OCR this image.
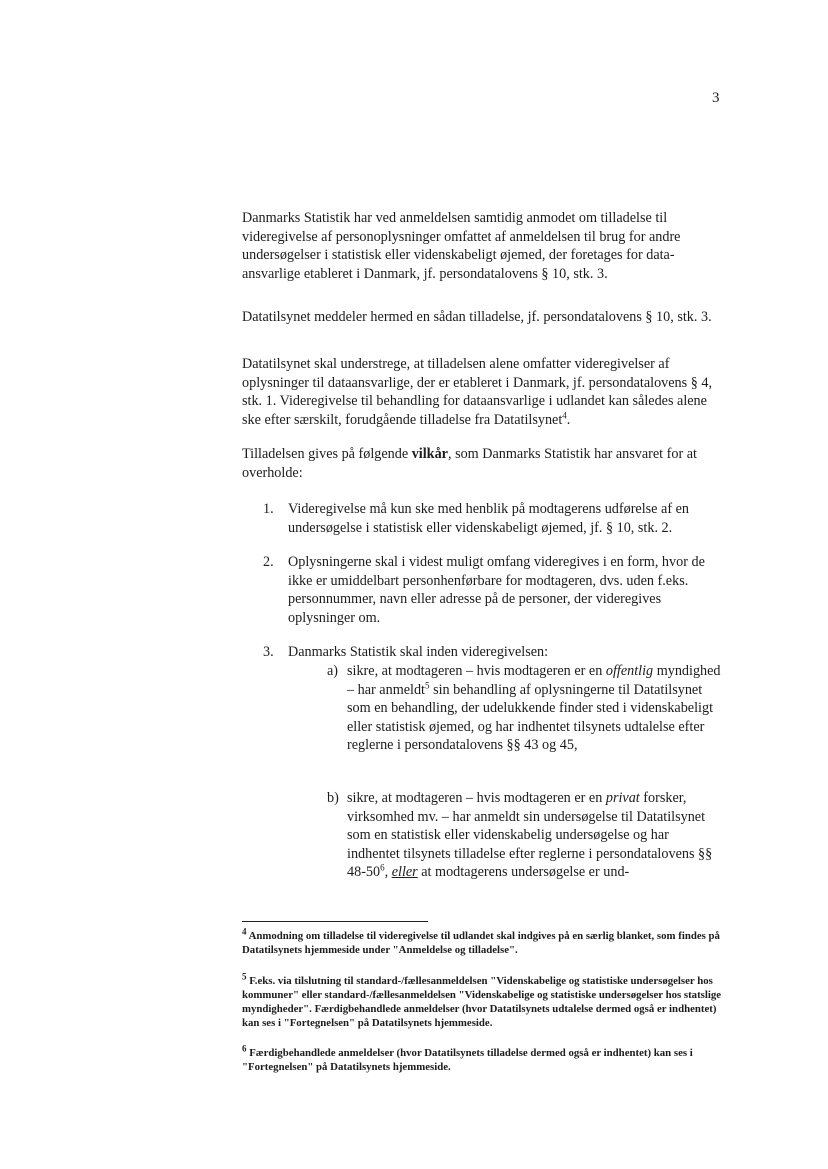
3

Danmarks Statistik har ved anmeldelsen samtidig anmodet om tilladelse til videregivelse af personoplysninger omfattet af anmeldelsen til brug for andre undersøgelser i statistisk eller videnskabeligt øjemed, der foretages for dataansvarlige etableret i Danmark, jf. persondatalovens § 10, stk. 3.

Datatilsynet meddeler hermed en sådan tilladelse, jf. persondatalovens § 10, stk. 3.

Datatilsynet skal understrege, at tilladelsen alene omfatter videregivelser af oplysninger til dataansvarlige, der er etableret i Danmark, jf. persondatalovens § 4, stk. 1. Videregivelse til behandling for dataansvarlige i udlandet kan således alene ske efter særskilt, forudgående tilladelse fra Datatilsynet$^4$.

Tilladelsen gives på følgende vilkår, som Danmarks Statistik har ansvaret for at overholde:

1. Videregivelse må kun ske med henblik på modtagerens udførelse af en undersøgelse i statistisk eller videnskabeligt øjemed, jf. § 10, stk. 2.
2. Oplysningerne skal i videst muligt omfang videregives i en form, hvor de ikke er umiddelbart personhenførbare for modtageren, dvs. uden f.eks. personnummer, navn eller adresse på de personer, der videregives oplysninger om.
3. Danmarks Statistik skal inden videregivelsen:
a) sikre, at modtageren – hvis modtageren er en offentlig myndighed – har anmeldt$^5$ sin behandling af oplysningerne til Datatilsynet som en behandling, der udelukkende finder sted i videnskabeligt eller statistisk øjemed, og har indhentet tilsynets udtalelse efter reglerne i persondatalovens §§ 43 og 45,
b) sikre, at modtageren – hvis modtageren er en privat forsker, virksomhed mv. – har anmeldt sin undersøgelse til Datatilsynet som en statistisk eller videnskabelig undersøgelse og har indhentet tilsynets tilladelse efter reglerne i persondatalovens §§ $48-50^6$, eller at modtagerens undersøgelse er und-
$^4$ Anmodning om tilladelse til videregivelse til udlandet skal indgives på en særlig blanket, som findes på Datatilsynets hjemmeside under "Anmeldelse og tilladelse".
$^5$ F.eks. via tilslutning til standard-/fællesanmeldelsen "Videnskabelige og statistiske undersøgelser hos kommuner" eller standard-/fællesanmeldelsen "Videnskabelige og statistiske undersøgelser hos statslige myndigheder". Færdigbehandlede anmeldelser (hvor Datatilsynets udtalelse dermed også er indhentet) kan ses i "Fortegnelsen" på Datatilsynets hjemmeside.
$^6$ Færdigbehandlede anmeldelser (hvor Datatilsynets tilladelse dermed også er indhentet) kan ses i "Fortegnelsen" på Datatilsynets hjemmeside.
